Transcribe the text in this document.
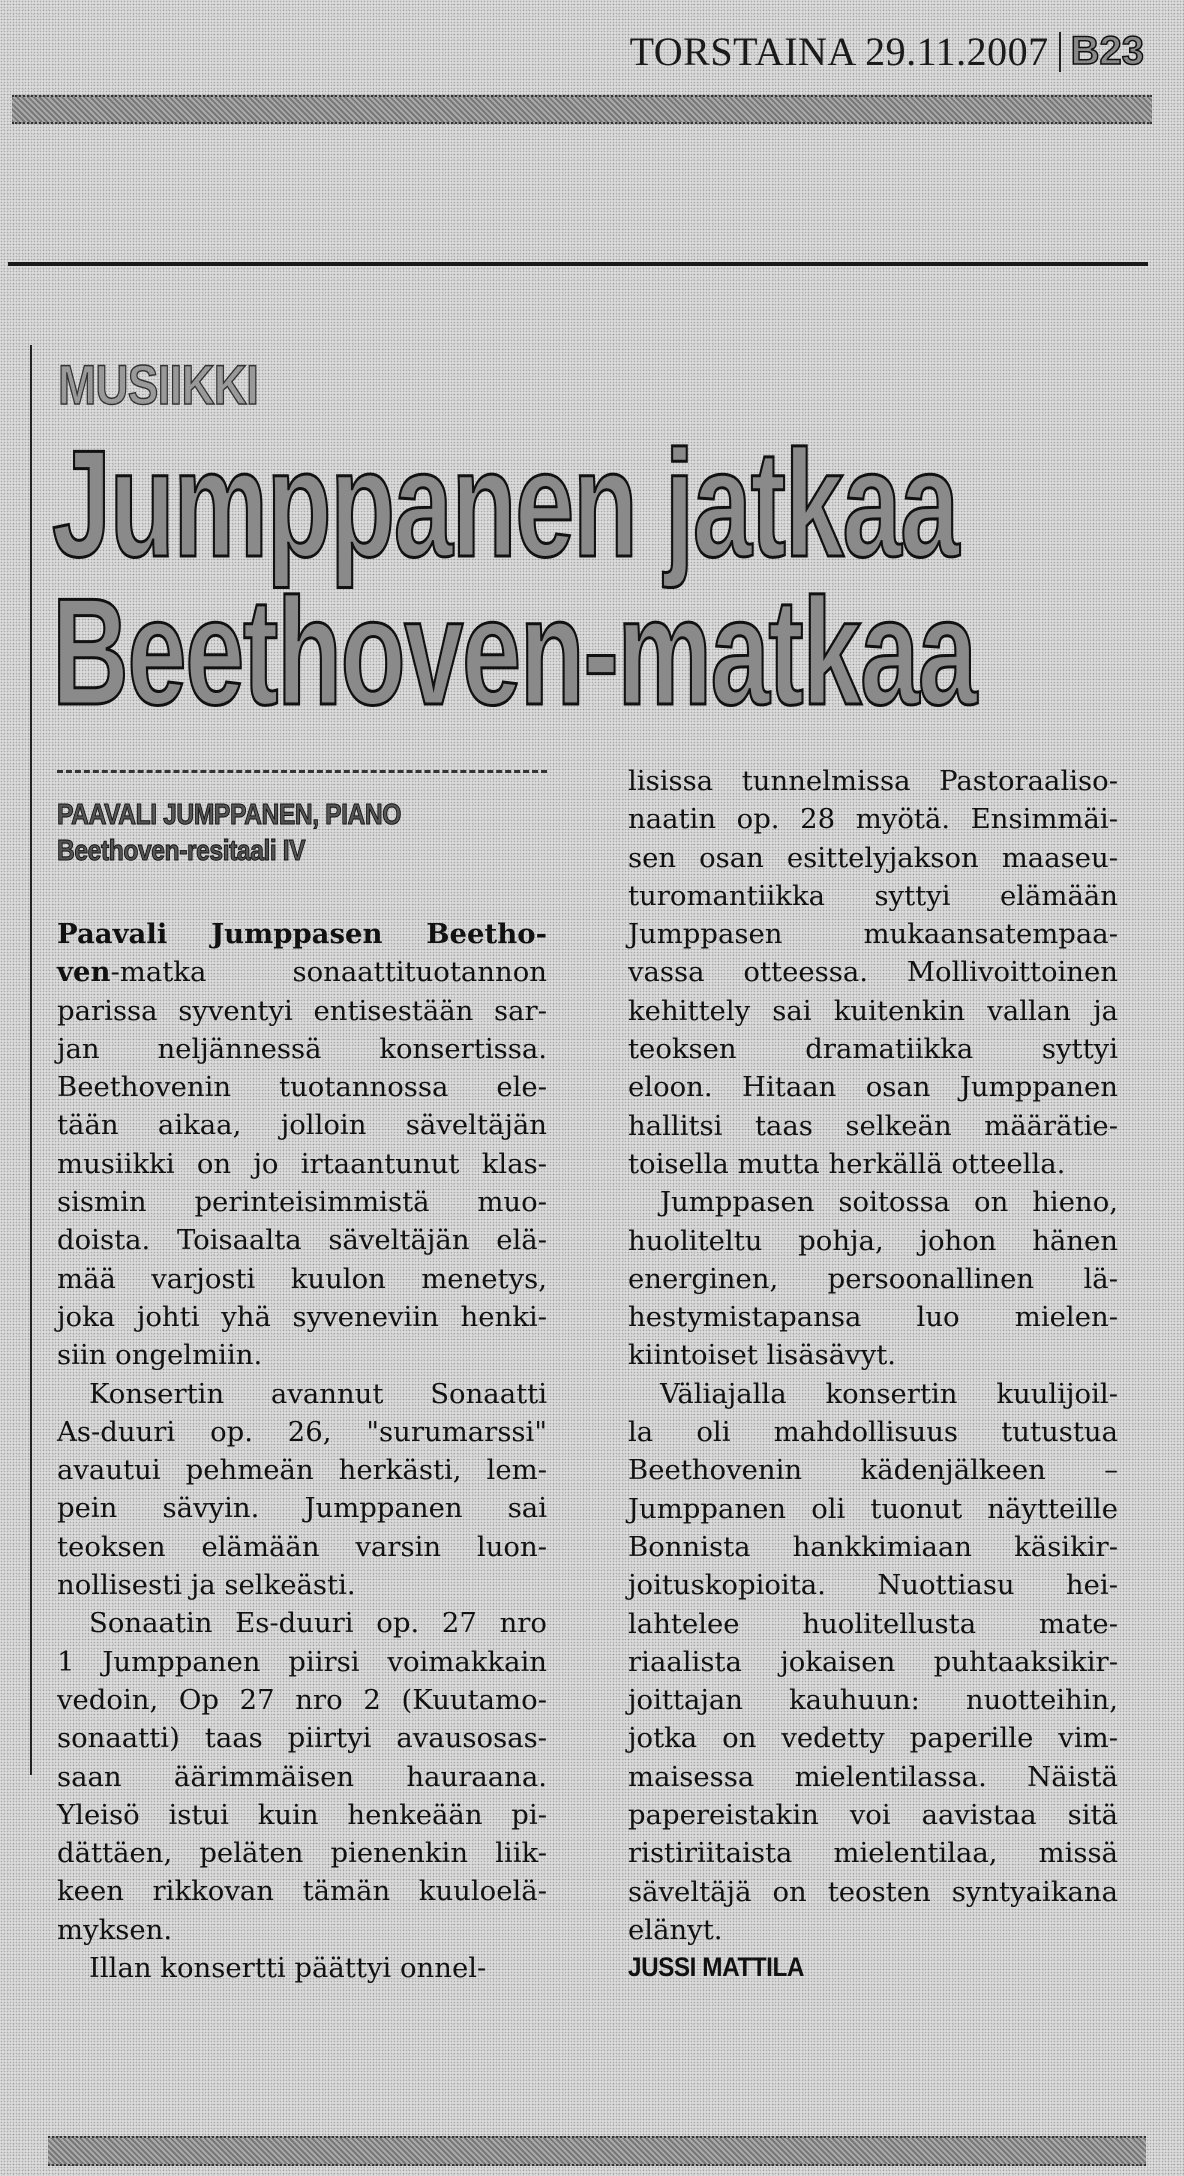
TORSTAINA 29.11.2007 B23
MUSIIKKI
Jumppanen jatkaa
Beethoven-matkaa
PAAVALI JUMPPANEN, PIANO
Beethoven-resitaali IV

Paavali Jumppasen Beetho-
ven-matka sonaattituotannon
parissa syventyi entisestään sar-
jan neljännessä konsertissa.
Beethovenin tuotannossa ele-
tään aikaa, jolloin säveltäjän
musiikki on jo irtaantunut klas-
sismin perinteisimmistä muo-
doista. Toisaalta säveltäjän elä-
mää varjosti kuulon menetys,
joka johti yhä syveneviin henki-
siin ongelmiin.

Konsertin avannut Sonaatti
As-duuri op. 26, "surumarssi"
avautui pehmeän herkästi, lem-
pein sävyin. Jumppanen sai
teoksen elämään varsin luon-
nollisesti ja selkeästi.

Sonaatin Es-duuri op. 27 nro
1 Jumppanen piirsi voimakkain
vedoin, Op 27 nro 2 (Kuutamo-
sonaatti) taas piirtyi avausosas-
saan äärimmäisen hauraana.
Yleisö istui kuin henkeään pi-
dättäen, peläten pienenkin liik-
keen rikkovan tämän kuuloelä-
myksen.

Illan konsertti päättyi onnel-

lisissa tunnelmissa Pastoraaliso-
naatin op. 28 myötä. Ensimmäi-
sen osan esittelyjakson maaseu-
turomantiikka syttyi elämään
Jumppasen mukaansatempaa-
vassa otteessa. Mollivoittoinen
kehittely sai kuitenkin vallan ja
teoksen dramatiikka syttyi
eloon. Hitaan osan Jumppanen
hallitsi taas selkeän määrätie-
toisella mutta herkällä otteella.

Jumppasen soitossa on hieno,
huoliteltu pohja, johon hänen
energinen, persoonallinen lä-
hestymistapansa luo mielen-
kiintoiset lisäsävyt.

Väliajalla konsertin kuulijoil-
la oli mahdollisuus tutustua
Beethovenin kädenjälkeen –
Jumppanen oli tuonut näytteille
Bonnista hankkimiaan käsikir-
joituskopioita. Nuottiasu hei-
lahtelee huolitellusta mate-
riaalista jokaisen puhtaaksikir-
joittajan kauhuun: nuotteihin,
jotka on vedetty paperille vim-
maisessa mielentilassa. Näistä
papereistakin voi aavistaa sitä
ristiriitaista mielentilaa, missä
säveltäjä on teosten syntyaikana
elänyt.

JUSSI MATTILA
